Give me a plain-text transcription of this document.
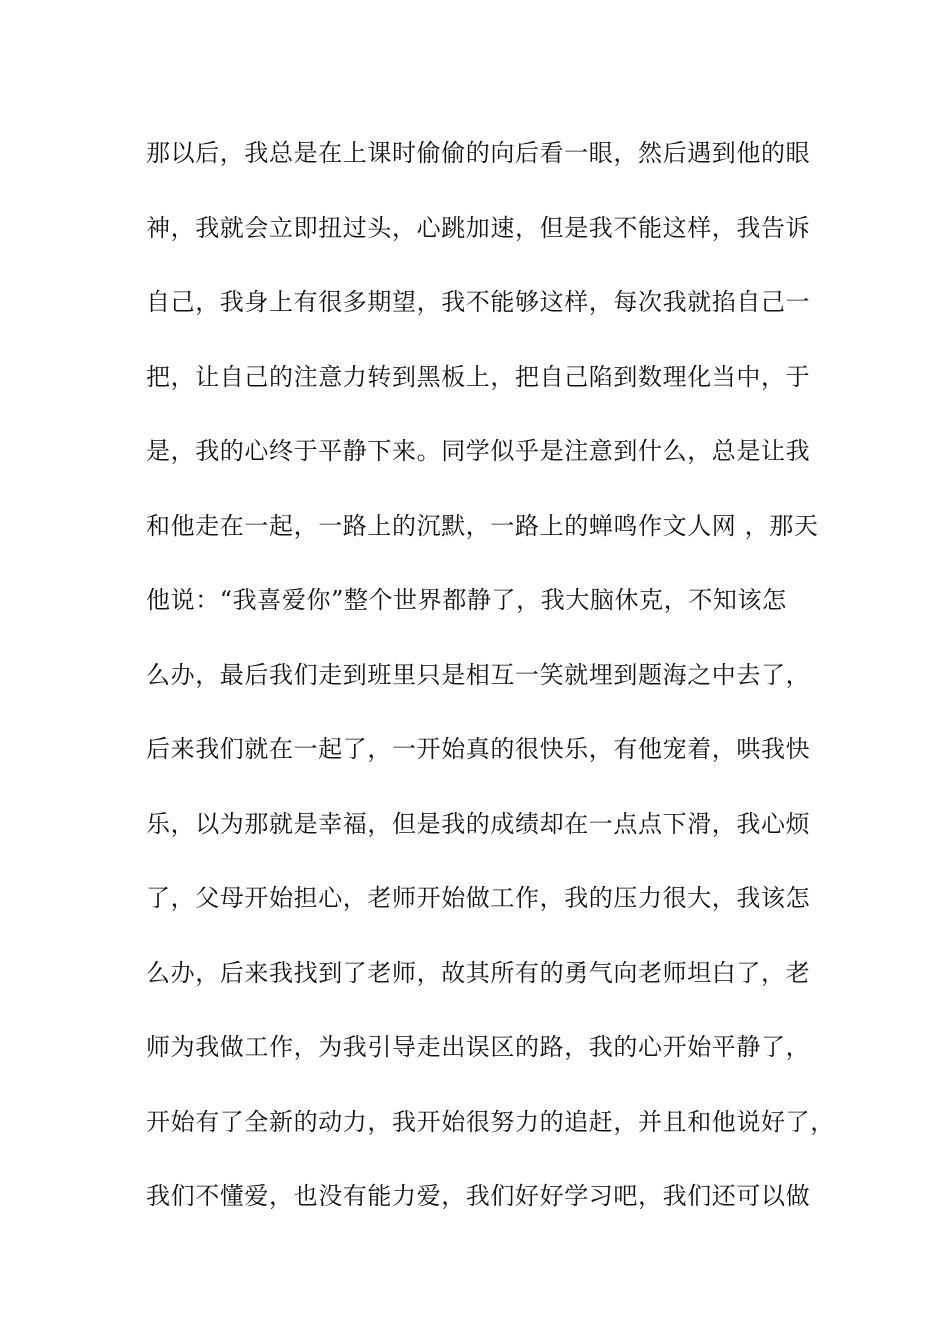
那以后，我总是在上课时偷偷的向后看一眼，然后遇到他的眼
神，我就会立即扭过头，心跳加速，但是我不能这样，我告诉
自己，我身上有很多期望，我不能够这样，每次我就掐自己一
把，让自己的注意力转到黑板上，把自己陷到数理化当中，于
是，我的心终于平静下来。同学似乎是注意到什么，总是让我
和他走在一起，一路上的沉默，一路上的蝉鸣作文人网 ，那天
他说：“我喜爱你”整个世界都静了，我大脑休克，不知该怎
么办，最后我们走到班里只是相互一笑就埋到题海之中去了，
后来我们就在一起了，一开始真的很快乐，有他宠着，哄我快
乐，以为那就是幸福，但是我的成绩却在一点点下滑，我心烦
了，父母开始担心，老师开始做工作，我的压力很大，我该怎
么办，后来我找到了老师，故其所有的勇气向老师坦白了，老
师为我做工作，为我引导走出误区的路，我的心开始平静了，
开始有了全新的动力，我开始很努力的追赶，并且和他说好了，
我们不懂爱，也没有能力爱，我们好好学习吧，我们还可以做
